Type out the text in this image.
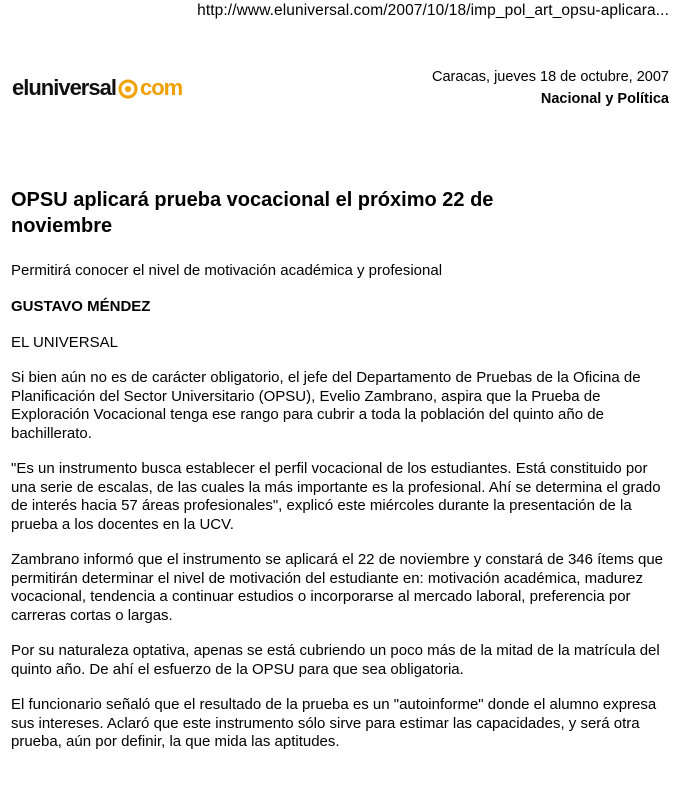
http://www.eluniversal.com/2007/10/18/imp_pol_art_opsu-aplicara...
eluniversal com	Caracas, jueves 18 de octubre, 2007
Nacional y Política
OPSU aplicará prueba vocacional el próximo 22 de noviembre
Permitirá conocer el nivel de motivación académica y profesional
GUSTAVO MÉNDEZ
EL UNIVERSAL
Si bien aún no es de carácter obligatorio, el jefe del Departamento de Pruebas de la Oficina de Planificación del Sector Universitario (OPSU), Evelio Zambrano, aspira que la Prueba de Exploración Vocacional tenga ese rango para cubrir a toda la población del quinto año de bachillerato.
"Es un instrumento busca establecer el perfil vocacional de los estudiantes. Está constituido por una serie de escalas, de las cuales la más importante es la profesional. Ahí se determina el grado de interés hacia 57 áreas profesionales", explicó este miércoles durante la presentación de la prueba a los docentes en la UCV.
Zambrano informó que el instrumento se aplicará el 22 de noviembre y constará de 346 ítems que permitirán determinar el nivel de motivación del estudiante en: motivación académica, madurez vocacional, tendencia a continuar estudios o incorporarse al mercado laboral, preferencia por carreras cortas o largas.
Por su naturaleza optativa, apenas se está cubriendo un poco más de la mitad de la matrícula del quinto año. De ahí el esfuerzo de la OPSU para que sea obligatoria.
El funcionario señaló que el resultado de la prueba es un "autoinforme" donde el alumno expresa sus intereses. Aclaró que este instrumento sólo sirve para estimar las capacidades, y será otra prueba, aún por definir, la que mida las aptitudes.
